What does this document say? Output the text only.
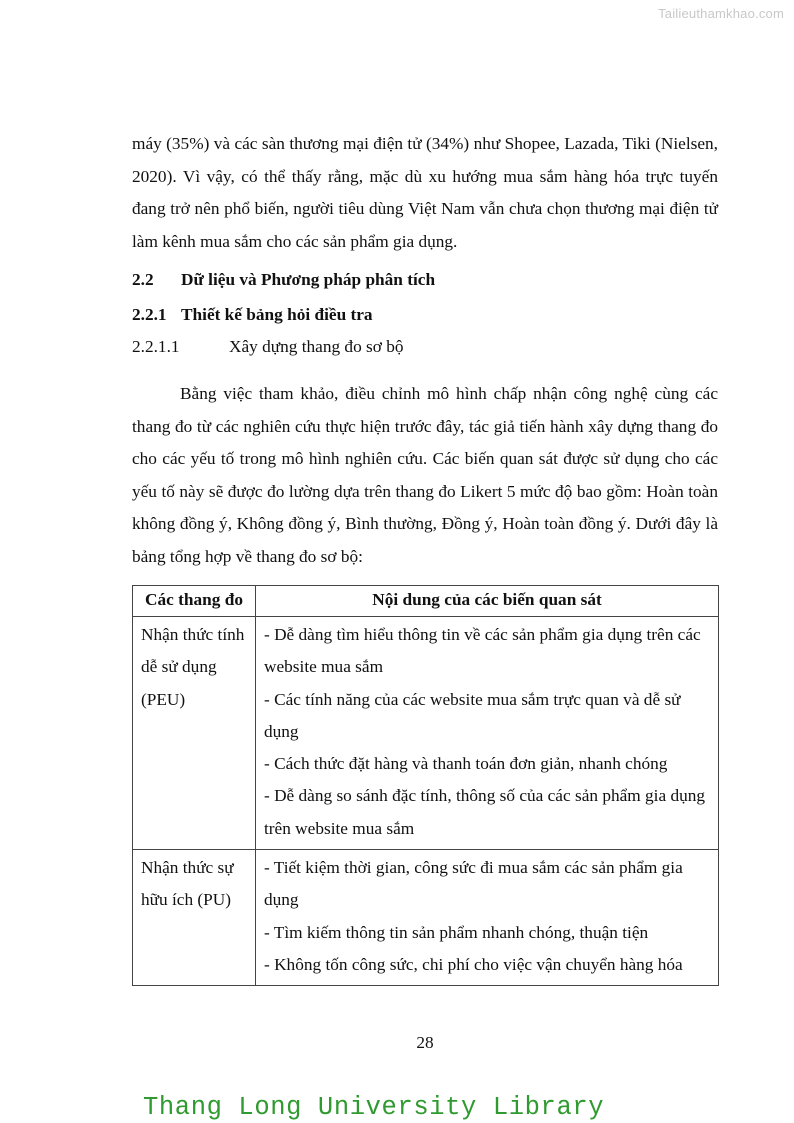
Tailieuthamkhao.com

máy (35%) và các sàn thương mại điện tử (34%) như Shopee, Lazada, Tiki (Nielsen, 2020). Vì vậy, có thể thấy rằng, mặc dù xu hướng mua sắm hàng hóa trực tuyến đang trở nên phổ biến, người tiêu dùng Việt Nam vẫn chưa chọn thương mại điện tử làm kênh mua sắm cho các sản phẩm gia dụng.

2.2 Dữ liệu và Phương pháp phân tích
2.2.1 Thiết kế bảng hỏi điều tra
2.2.1.1	Xây dựng thang đo sơ bộ

Bằng việc tham khảo, điều chỉnh mô hình chấp nhận công nghệ cùng các thang đo từ các nghiên cứu thực hiện trước đây, tác giả tiến hành xây dựng thang đo cho các yếu tố trong mô hình nghiên cứu. Các biến quan sát được sử dụng cho các yếu tố này sẽ được đo lường dựa trên thang đo Likert 5 mức độ bao gồm: Hoàn toàn không đồng ý, Không đồng ý, Bình thường, Đồng ý, Hoàn toàn đồng ý. Dưới đây là bảng tổng hợp về thang đo sơ bộ:

Các thang đo	Nội dung của các biến quan sát
Nhận thức tính dễ sử dụng (PEU)	- Dễ dàng tìm hiểu thông tin về các sản phẩm gia dụng trên các website mua sắm
- Các tính năng của các website mua sắm trực quan và dễ sử dụng
- Cách thức đặt hàng và thanh toán đơn giản, nhanh chóng
- Dễ dàng so sánh đặc tính, thông số của các sản phẩm gia dụng trên website mua sắm

Nhận thức sự hữu ích (PU)	- Tiết kiệm thời gian, công sức đi mua sắm các sản phẩm gia dụng
- Tìm kiếm thông tin sản phẩm nhanh chóng, thuận tiện
- Không tốn công sức, chi phí cho việc vận chuyển hàng hóa
28
Thang Long University Library
